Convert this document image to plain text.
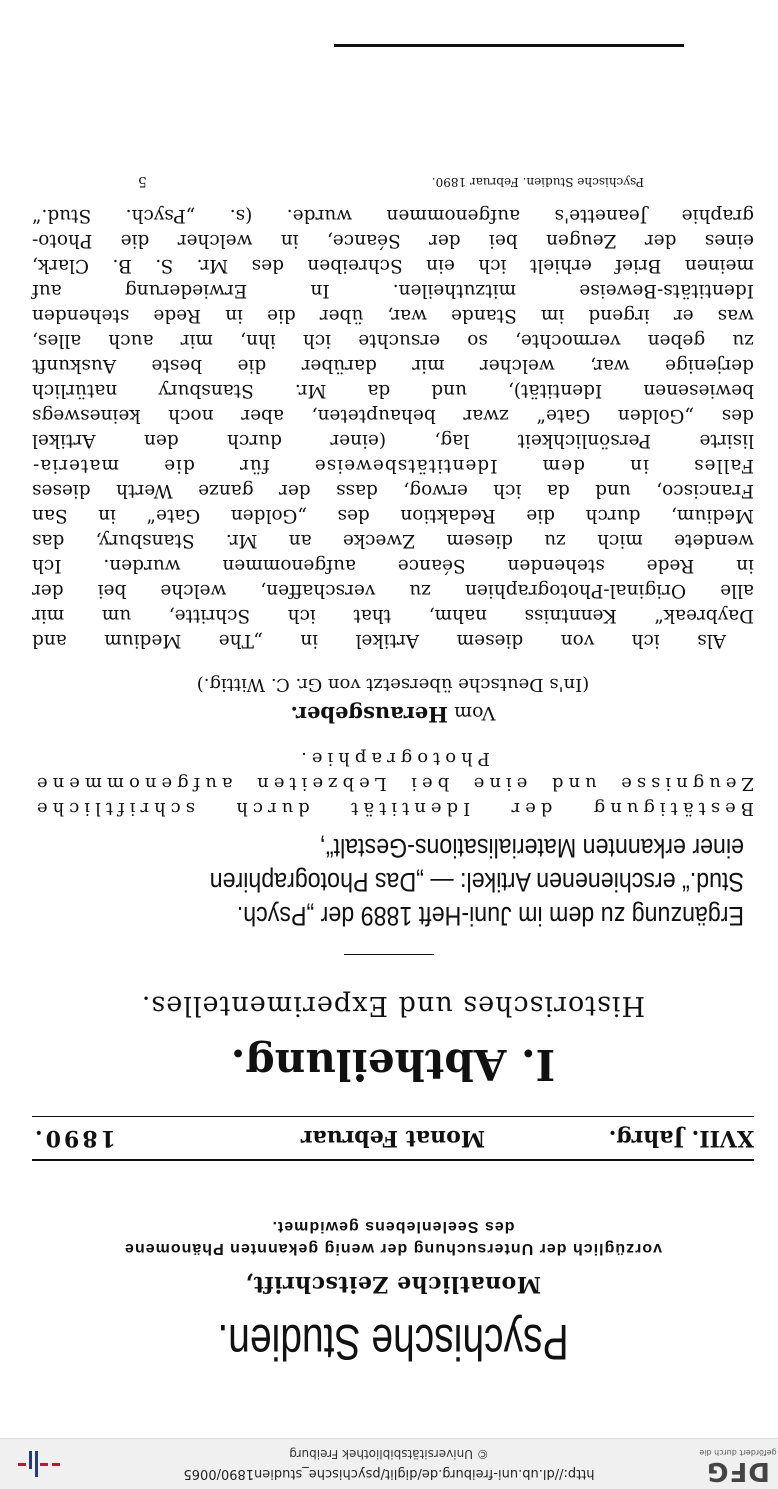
DFG
gefördert durch die
http://dl.ub.uni-freiburg.de/diglit/psychische_studien1890/0065
© Universitätsbibliothek Freiburg
Psychische Studien.
Monatliche Zeitschrift,
vorzüglich der Untersuchung der wenig gekannten Phänomene
des Seelenlebens gewidmet.
XVII. Jahrg.
Monat Februar
1890.
I. Abtheilung.
Historisches und Experimentelles.
Ergänzung zu dem im Juni-Heft 1889 der „Psych.
Stud.“ erschienenen Artikel: — „Das Photographiren
einer erkannten Materialisations-Gestalt“,
Bestätigung der Identität durch schriftliche
Zeugnisse und eine bei Lebzeiten aufgenommene
Photographie.
Vom Herausgeber.
(In's Deutsche übersetzt von Gr. C. Wittig.)
Als ich von diesem Artikel in „The Medium and
Daybreak“ Kenntniss nahm, that ich Schritte, um mir
alle Original-Photographien zu verschaffen, welche bei der
in Rede stehenden Séance aufgenommen wurden. Ich
wendete mich zu diesem Zwecke an Mr. Stansbury, das
Medium, durch die Redaktion des „Golden Gate“ in San
Francisco, und da ich erwog, dass der ganze Werth dieses
Falles in dem Identitätsbeweise für die materia-
lisirte Persönlichkeit lag, (einer durch den Artikel
des „Golden Gate“ zwar behaupteten, aber noch keineswegs
bewiesenen Identität), und da Mr. Stansbury natürlich
derjenige war, welcher mir darüber die beste Auskunft
zu geben vermochte, so ersuchte ich ihn, mir auch alles,
was er irgend im Stande war, über die in Rede stehenden
Identitäts-Beweise mitzutheilen. In Erwiederung auf
meinen Brief erhielt ich ein Schreiben des Mr. S. B. Clark,
eines der Zeugen bei der Séance, in welcher die Photo-
graphie Jeanette's aufgenommen wurde. (s. „Psych. Stud.“
Psychische Studien. Februar 1890.
5
